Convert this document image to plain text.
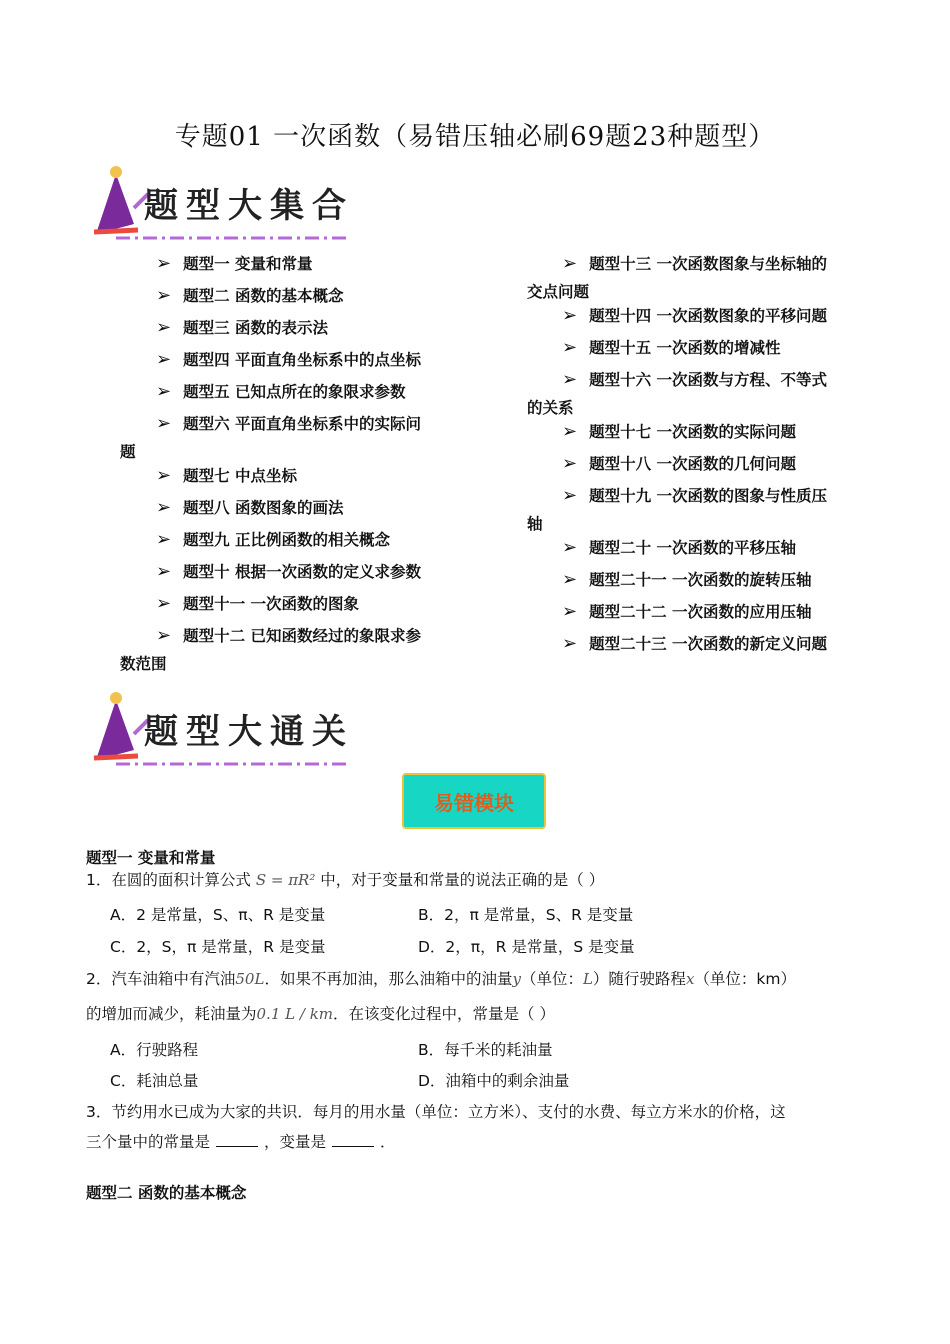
专题01 一次函数（易错压轴必刷69题23种题型）
题型大集合
➢ 题型一 变量和常量
➢ 题型二 函数的基本概念
➢ 题型三 函数的表示法
➢ 题型四 平面直角坐标系中的点坐标
➢ 题型五 已知点所在的象限求参数
➢ 题型六 平面直角坐标系中的实际问
题
➢ 题型七 中点坐标
➢ 题型八 函数图象的画法
➢ 题型九 正比例函数的相关概念
➢ 题型十 根据一次函数的定义求参数
➢ 题型十一 一次函数的图象
➢ 题型十二 已知函数经过的象限求参
数范围
➢ 题型十三 一次函数图象与坐标轴的
交点问题
➢ 题型十四 一次函数图象的平移问题
➢ 题型十五 一次函数的增减性
➢ 题型十六 一次函数与方程、不等式
的关系
➢ 题型十七 一次函数的实际问题
➢ 题型十八 一次函数的几何问题
➢ 题型十九 一次函数的图象与性质压
轴
➢ 题型二十 一次函数的平移压轴
➢ 题型二十一 一次函数的旋转压轴
➢ 题型二十二 一次函数的应用压轴
➢ 题型二十三 一次函数的新定义问题
题型大通关
易错模块
题型一 变量和常量
1．在圆的面积计算公式 S = πR² 中，对于变量和常量的说法正确的是（ ）
A．2 是常量，S、π、R 是变量	B．2，π 是常量，S、R 是变量
C．2，S，π 是常量，R 是变量	D．2，π，R 是常量，S 是变量
2．汽车油箱中有汽油50L．如果不再加油，那么油箱中的油量y（单位：L）随行驶路程x（单位：km）
的增加而减少，耗油量为0.1 L / km．在该变化过程中，常量是（ ）
A．行驶路程	B．每千米的耗油量
C．耗油总量	D．油箱中的剩余油量
3．节约用水已成为大家的共识．每月的用水量（单位：立方米）、支付的水费、每立方米水的价格，这
三个量中的常量是	，变量是	．
题型二 函数的基本概念
